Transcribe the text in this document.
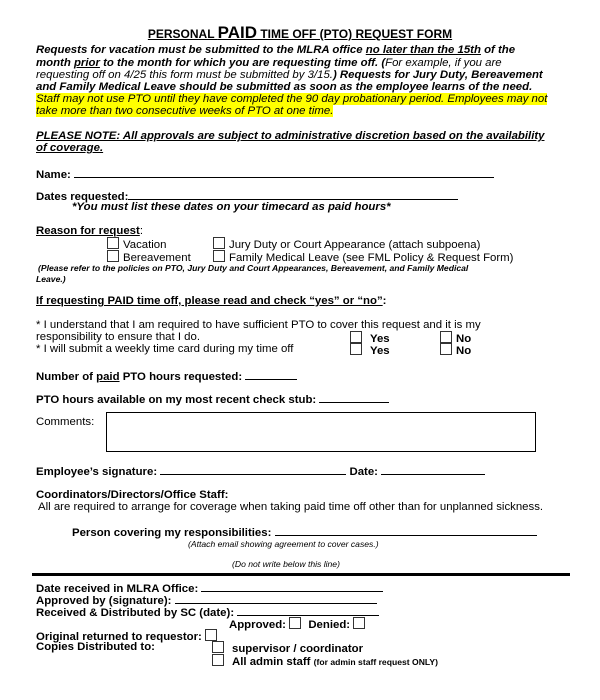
PERSONAL PAID TIME OFF (PTO) REQUEST FORM
Requests for vacation must be submitted to the MLRA office no later than the 15th of the
month prior to the month for which you are requesting time off. (For example, if you are
requesting off on 4/25 this form must be submitted by 3/15.) Requests for Jury Duty, Bereavement
and Family Medical Leave should be submitted as soon as the employee learns of the need.
Staff may not use PTO until they have completed the 90 day probationary period. Employees may not
take more than two consecutive weeks of PTO at one time.
PLEASE NOTE: All approvals are subject to administrative discretion based on the availability
of coverage.
Name:
Dates requested:
*You must list these dates on your timecard as paid hours*
Reason for request:
Vacation	Jury Duty or Court Appearance (attach subpoena)
Bereavement	Family Medical Leave (see FML Policy & Request Form)
(Please refer to the policies on PTO, Jury Duty and Court Appearances, Bereavement, and Family Medical
Leave.)
If requesting PAID time off, please read and check “yes” or “no”:
* I understand that I am required to have sufficient PTO to cover this request and it is my
responsibility to ensure that I do.
* I will submit a weekly time card during my time off
Yes	No
Yes	No
Number of paid PTO hours requested:
PTO hours available on my most recent check stub:
Comments:
Employee’s signature:	Date:
Coordinators/Directors/Office Staff:
All are required to arrange for coverage when taking paid time off other than for unplanned sickness.
Person covering my responsibilities:
(Attach email showing agreement to cover cases.)
(Do not write below this line)
Date received in MLRA Office:
Approved by (signature):
Received & Distributed by SC (date):
Approved: Denied:
Original returned to requestor:
Copies Distributed to:	supervisor / coordinator
All admin staff (for admin staff request ONLY)
